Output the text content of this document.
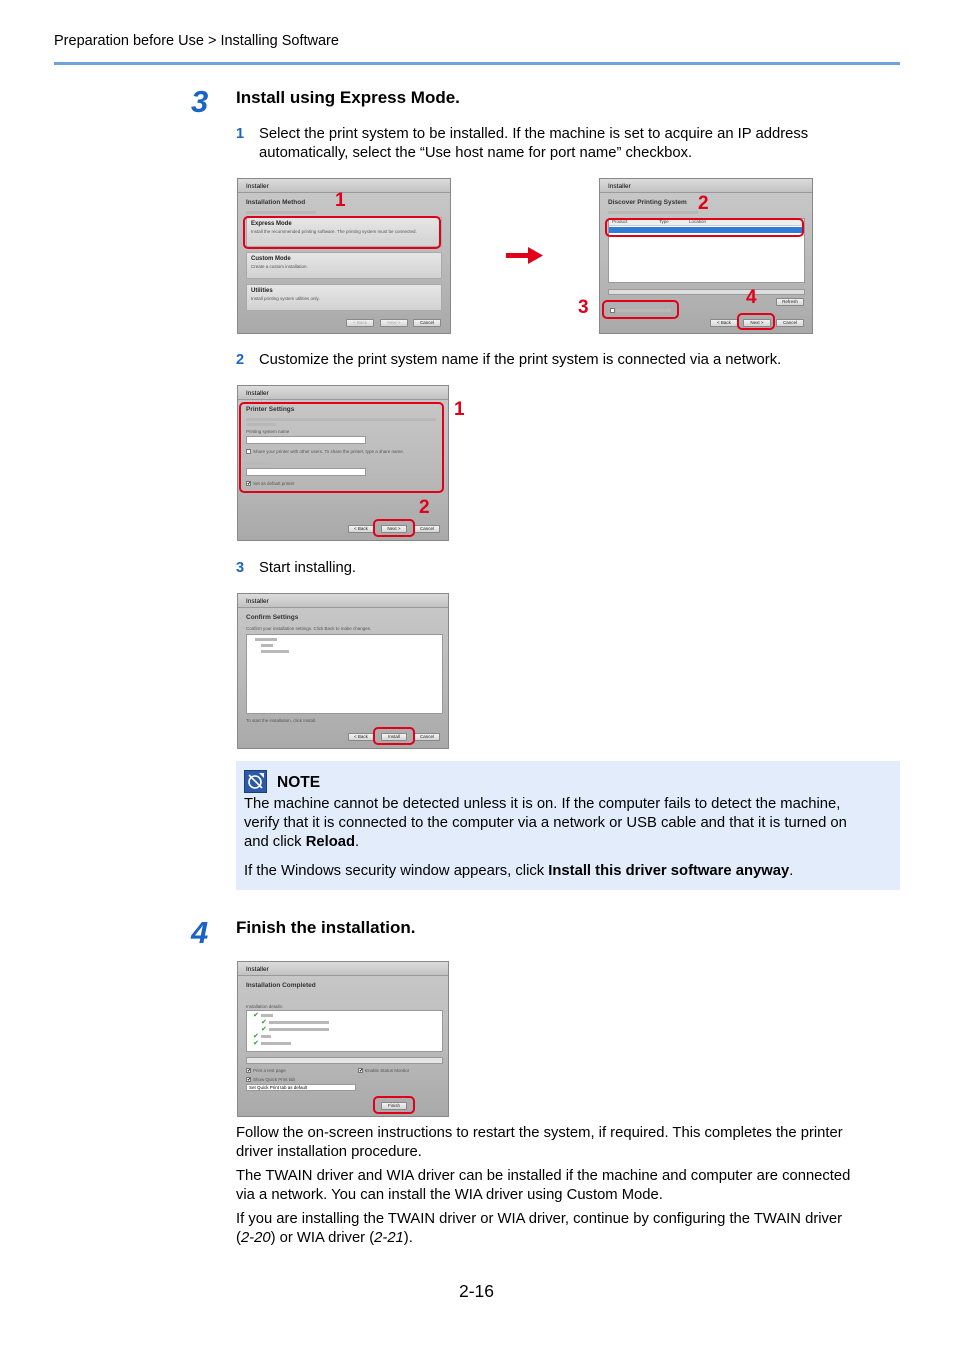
Preparation before Use > Installing Software
3 Install using Express Mode.
1 Select the print system to be installed. If the machine is set to acquire an IP address
automatically, select the “Use host name for port name” checkbox.
Installer
Installation Method
Express Mode
Install the recommended printing software. The printing system must be connected.
Custom Mode
Create a custom installation.
Utilities
Install printing system utilities only.
< Back	Next >	Cancel
1
Installer
Discover Printing System
Product	Type	Location
Refresh
< Back	Next >	Cancel
2
3	4
2 Customize the print system name if the print system is connected via a network.
Installer
Printer Settings
Printing system name
Share your printer with other users. To share the printer, type a share name.
✔ Set as default printer
< Back	Next >	Cancel
1
2
3 Start installing.
Installer
Confirm Settings
Confirm your installation settings. Click Back to make changes.
To start the installation, click Install.
< Back	Install	Cancel
NOTE
The machine cannot be detected unless it is on. If the computer fails to detect the machine,
verify that it is connected to the computer via a network or USB cable and that it is turned on
and click Reload.
If the Windows security window appears, click Install this driver software anyway.
4 Finish the installation.
Installer
Installation Completed
Installation details:
✔
✔
✔
✔
✔
✔ Print a test page	✔ Enable Status Monitor
✔ Show Quick Print tab
Set Quick Print tab as default
Finish
Follow the on-screen instructions to restart the system, if required. This completes the printer
driver installation procedure.
The TWAIN driver and WIA driver can be installed if the machine and computer are connected
via a network. You can install the WIA driver using Custom Mode.
If you are installing the TWAIN driver or WIA driver, continue by configuring the TWAIN driver
(2-20) or WIA driver (2-21).
2-16
